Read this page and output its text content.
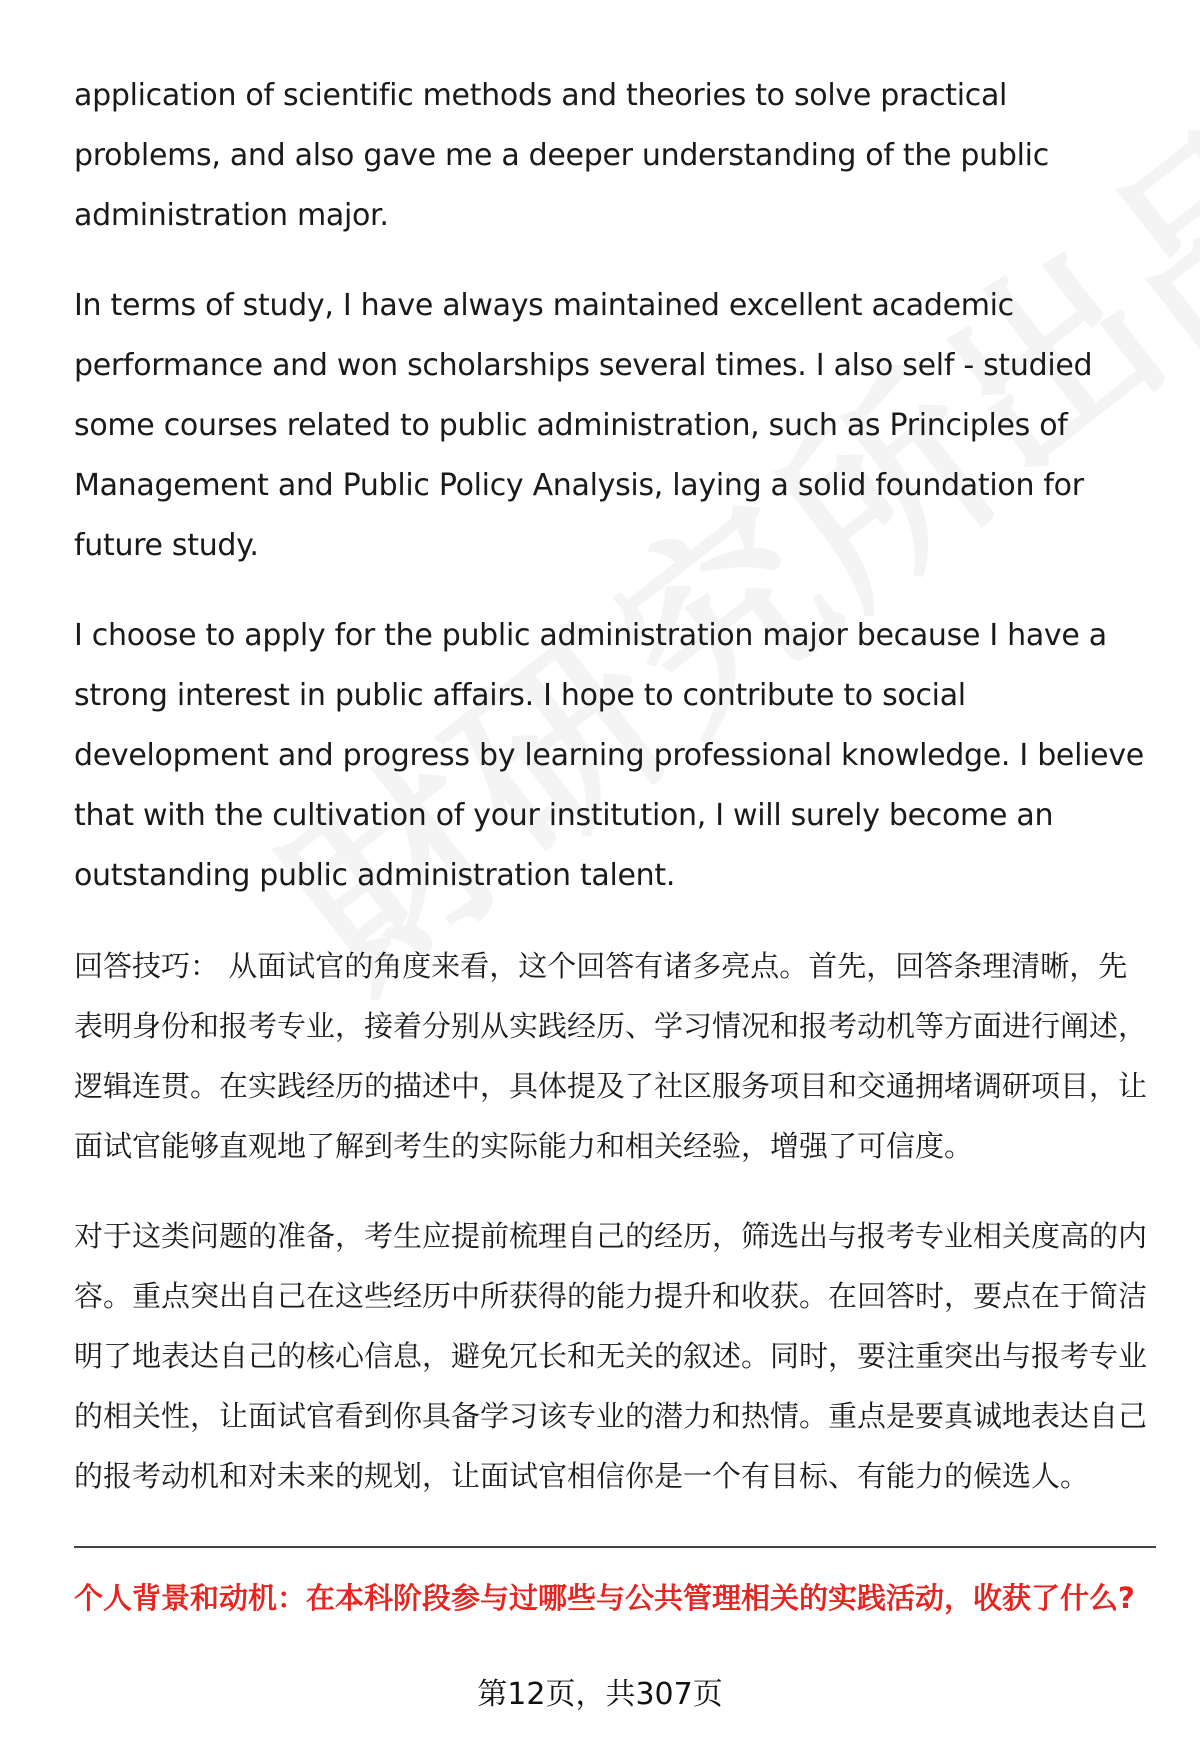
application of scientific methods and theories to solve practical problems, and also gave me a deeper understanding of the public administration major.

In terms of study, I have always maintained excellent academic performance and won scholarships several times. I also self - studied some courses related to public administration, such as Principles of Management and Public Policy Analysis, laying a solid foundation for future study.

I choose to apply for the public administration major because I have a strong interest in public affairs. I hope to contribute to social development and progress by learning professional knowledge. I believe that with the cultivation of your institution, I will surely become an outstanding public administration talent.

回答技巧： 从面试官的角度来看，这个回答有诸多亮点。首先，回答条理清晰，先表明身份和报考专业，接着分别从实践经历、学习情况和报考动机等方面进行阐述，逻辑连贯。在实践经历的描述中，具体提及了社区服务项目和交通拥堵调研项目，让面试官能够直观地了解到考生的实际能力和相关经验，增强了可信度。

对于这类问题的准备，考生应提前梳理自己的经历，筛选出与报考专业相关度高的内容。重点突出自己在这些经历中所获得的能力提升和收获。在回答时，要点在于简洁明了地表达自己的核心信息，避免冗长和无关的叙述。同时，要注重突出与报考专业的相关性，让面试官看到你具备学习该专业的潜力和热情。重点是要真诚地表达自己的报考动机和对未来的规划，让面试官相信你是一个有目标、有能力的候选人。

个人背景和动机：在本科阶段参与过哪些与公共管理相关的实践活动，收获了什么?
第12页，共307页
